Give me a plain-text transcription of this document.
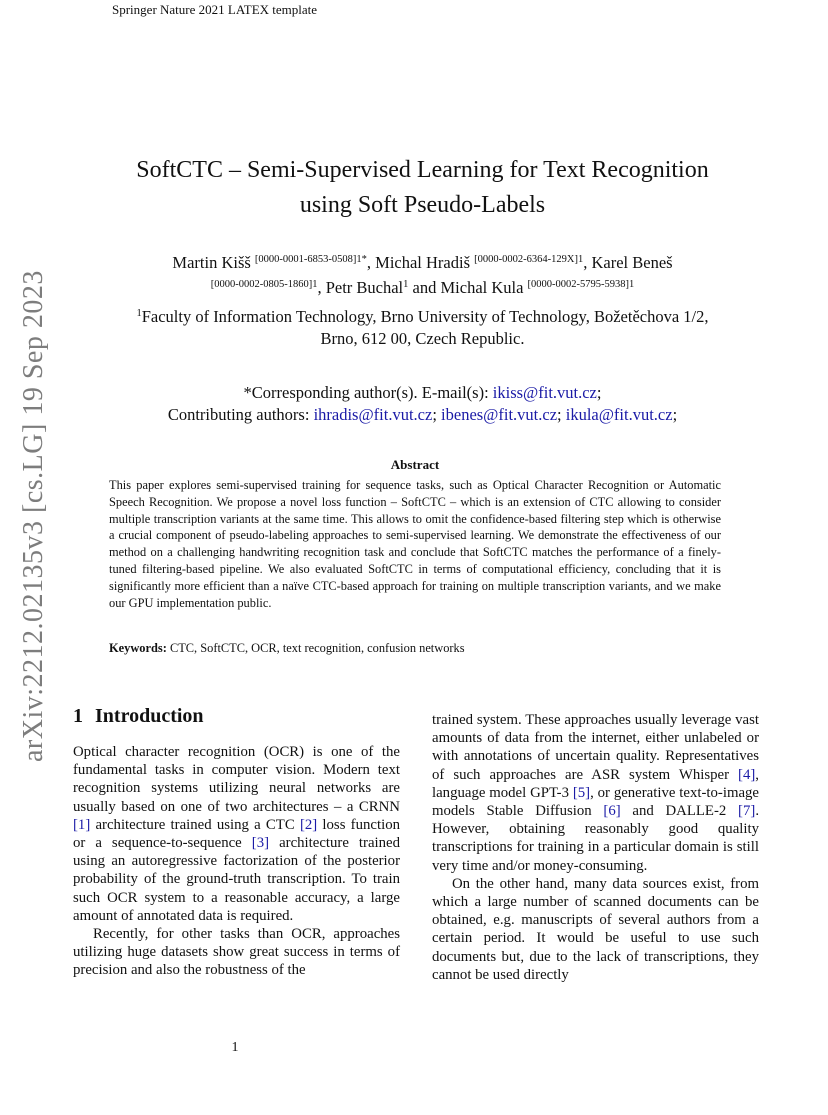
Springer Nature 2021 LATEX template
arXiv:2212.02135v3 [cs.LG] 19 Sep 2023
SoftCTC – Semi-Supervised Learning for Text Recognition
using Soft Pseudo-Labels
Martin Kišš $^{[0000-0001-6853-0508]1*}$, Michal Hradiš $^{[0000-0002-6364-129X]1}$, Karel Beneš
$^{[0000-0002-0805-1860]1}$, Petr Buchal$^1$ and Michal Kula $^{[0000-0002-5795-5938]1}$
$^1$Faculty of Information Technology, Brno University of Technology, Božetěchova 1/2,
Brno, 612 00, Czech Republic.
*Corresponding author(s). E-mail(s): ikiss@fit.vut.cz;
Contributing authors: ihradis@fit.vut.cz; ibenes@fit.vut.cz; ikula@fit.vut.cz;
Abstract
This paper explores semi-supervised training for sequence tasks, such as Optical Character Recognition or Automatic Speech Recognition. We propose a novel loss function – SoftCTC – which is an extension of CTC allowing to consider multiple transcription variants at the same time. This allows to omit the confidence-based filtering step which is otherwise a crucial component of pseudo-labeling approaches to semi-supervised learning. We demonstrate the effectiveness of our method on a challenging handwriting recognition task and conclude that SoftCTC matches the performance of a finely-tuned filtering-based pipeline. We also evaluated SoftCTC in terms of computational efficiency, concluding that it is significantly more efficient than a naïve CTC-based approach for training on multiple transcription variants, and we make our GPU implementation public.
Keywords: CTC, SoftCTC, OCR, text recognition, confusion networks
1 Introduction

Optical character recognition (OCR) is one of the fundamental tasks in computer vision. Modern text recognition systems utilizing neural networks are usually based on one of two architectures – a CRNN [1] architecture trained using a CTC [2] loss function or a sequence-to-sequence [3] architecture trained using an autoregressive factorization of the posterior probability of the ground-truth transcription. To train such OCR system to a reasonable accuracy, a large amount of annotated data is required.

Recently, for other tasks than OCR, approaches utilizing huge datasets show great success in terms of precision and also the robustness of the

trained system. These approaches usually leverage vast amounts of data from the internet, either unlabeled or with annotations of uncertain quality. Representatives of such approaches are ASR system Whisper [4], language model GPT-3 [5], or generative text-to-image models Stable Diffusion [6] and DALLE-2 [7]. However, obtaining reasonably good quality transcriptions for training in a particular domain is still very time and/or money-consuming.

On the other hand, many data sources exist, from which a large number of scanned documents can be obtained, e.g. manuscripts of several authors from a certain period. It would be useful to use such documents but, due to the lack of transcriptions, they cannot be used directly

1
